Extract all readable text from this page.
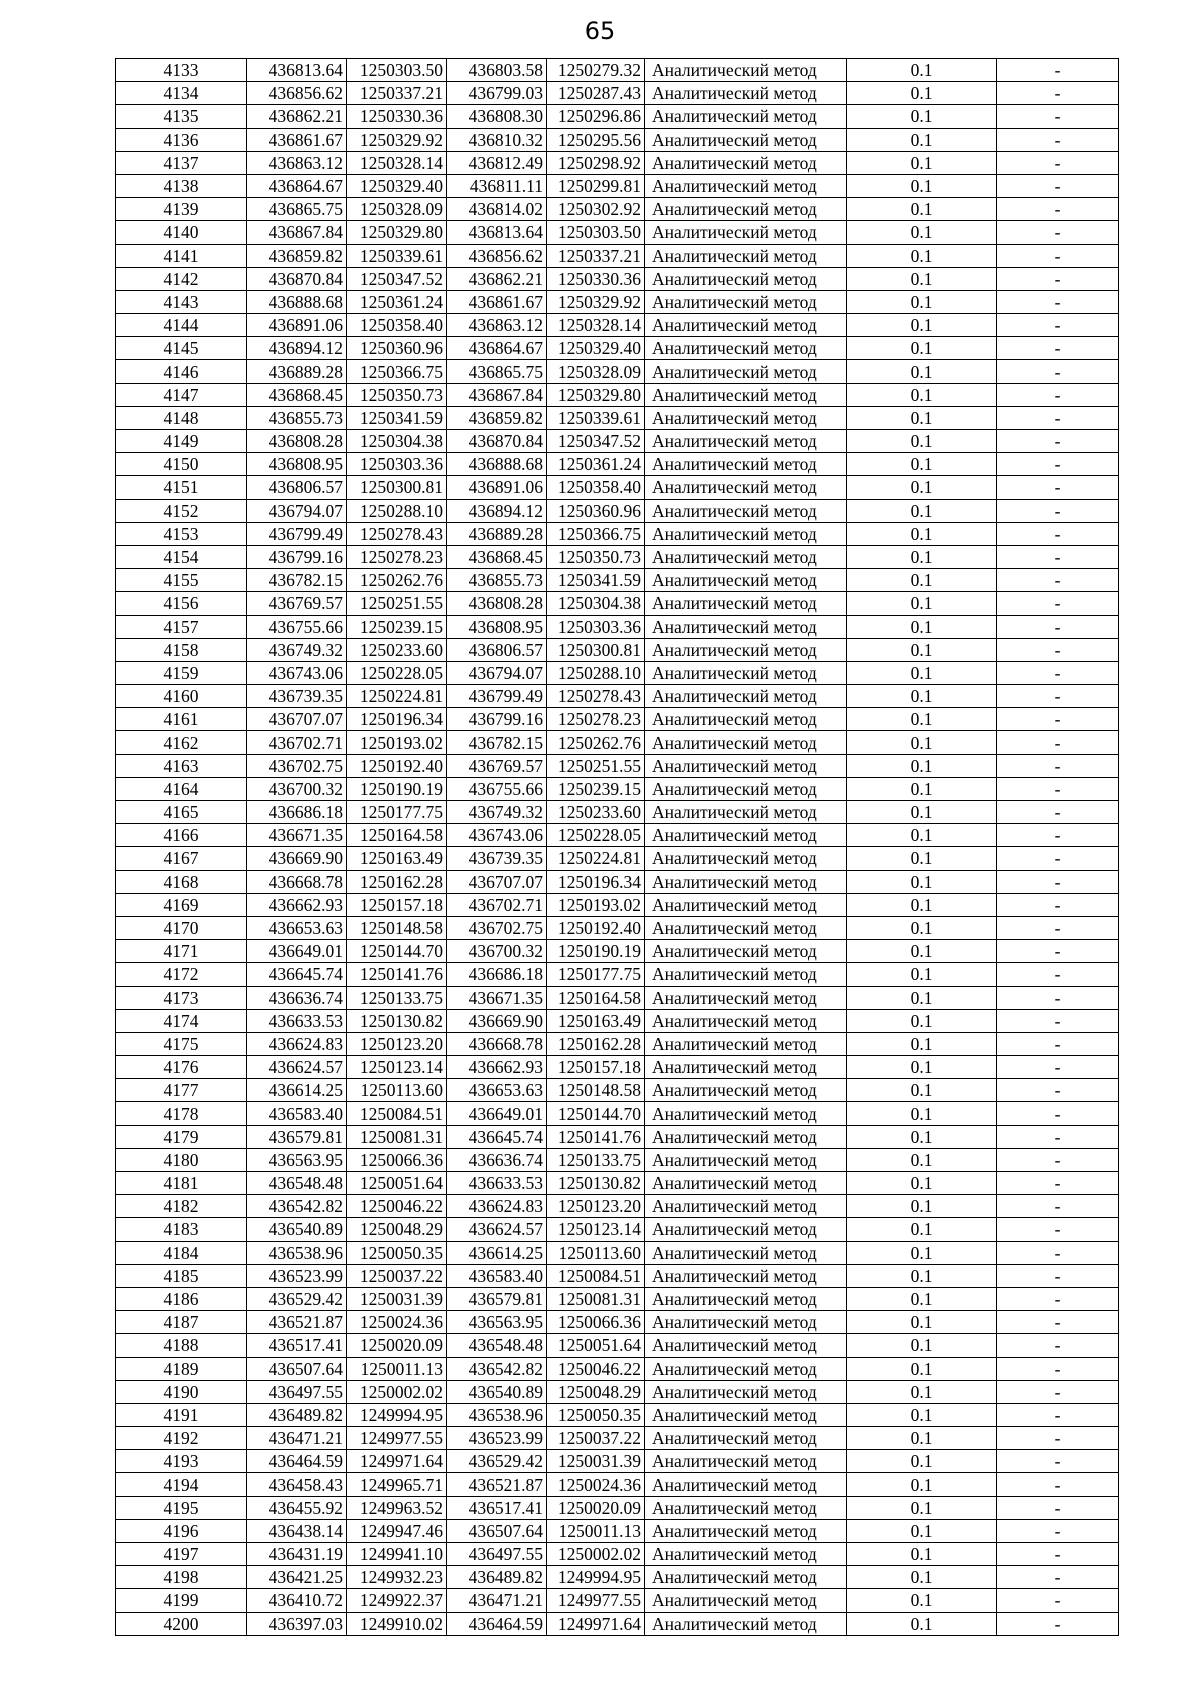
65
4133	436813.64	1250303.50	436803.58	1250279.32	Аналитический метод	0.1	-
4134	436856.62	1250337.21	436799.03	1250287.43	Аналитический метод	0.1	-
4135	436862.21	1250330.36	436808.30	1250296.86	Аналитический метод	0.1	-
4136	436861.67	1250329.92	436810.32	1250295.56	Аналитический метод	0.1	-
4137	436863.12	1250328.14	436812.49	1250298.92	Аналитический метод	0.1	-
4138	436864.67	1250329.40	436811.11	1250299.81	Аналитический метод	0.1	-
4139	436865.75	1250328.09	436814.02	1250302.92	Аналитический метод	0.1	-
4140	436867.84	1250329.80	436813.64	1250303.50	Аналитический метод	0.1	-
4141	436859.82	1250339.61	436856.62	1250337.21	Аналитический метод	0.1	-
4142	436870.84	1250347.52	436862.21	1250330.36	Аналитический метод	0.1	-
4143	436888.68	1250361.24	436861.67	1250329.92	Аналитический метод	0.1	-
4144	436891.06	1250358.40	436863.12	1250328.14	Аналитический метод	0.1	-
4145	436894.12	1250360.96	436864.67	1250329.40	Аналитический метод	0.1	-
4146	436889.28	1250366.75	436865.75	1250328.09	Аналитический метод	0.1	-
4147	436868.45	1250350.73	436867.84	1250329.80	Аналитический метод	0.1	-
4148	436855.73	1250341.59	436859.82	1250339.61	Аналитический метод	0.1	-
4149	436808.28	1250304.38	436870.84	1250347.52	Аналитический метод	0.1	-
4150	436808.95	1250303.36	436888.68	1250361.24	Аналитический метод	0.1	-
4151	436806.57	1250300.81	436891.06	1250358.40	Аналитический метод	0.1	-
4152	436794.07	1250288.10	436894.12	1250360.96	Аналитический метод	0.1	-
4153	436799.49	1250278.43	436889.28	1250366.75	Аналитический метод	0.1	-
4154	436799.16	1250278.23	436868.45	1250350.73	Аналитический метод	0.1	-
4155	436782.15	1250262.76	436855.73	1250341.59	Аналитический метод	0.1	-
4156	436769.57	1250251.55	436808.28	1250304.38	Аналитический метод	0.1	-
4157	436755.66	1250239.15	436808.95	1250303.36	Аналитический метод	0.1	-
4158	436749.32	1250233.60	436806.57	1250300.81	Аналитический метод	0.1	-
4159	436743.06	1250228.05	436794.07	1250288.10	Аналитический метод	0.1	-
4160	436739.35	1250224.81	436799.49	1250278.43	Аналитический метод	0.1	-
4161	436707.07	1250196.34	436799.16	1250278.23	Аналитический метод	0.1	-
4162	436702.71	1250193.02	436782.15	1250262.76	Аналитический метод	0.1	-
4163	436702.75	1250192.40	436769.57	1250251.55	Аналитический метод	0.1	-
4164	436700.32	1250190.19	436755.66	1250239.15	Аналитический метод	0.1	-
4165	436686.18	1250177.75	436749.32	1250233.60	Аналитический метод	0.1	-
4166	436671.35	1250164.58	436743.06	1250228.05	Аналитический метод	0.1	-
4167	436669.90	1250163.49	436739.35	1250224.81	Аналитический метод	0.1	-
4168	436668.78	1250162.28	436707.07	1250196.34	Аналитический метод	0.1	-
4169	436662.93	1250157.18	436702.71	1250193.02	Аналитический метод	0.1	-
4170	436653.63	1250148.58	436702.75	1250192.40	Аналитический метод	0.1	-
4171	436649.01	1250144.70	436700.32	1250190.19	Аналитический метод	0.1	-
4172	436645.74	1250141.76	436686.18	1250177.75	Аналитический метод	0.1	-
4173	436636.74	1250133.75	436671.35	1250164.58	Аналитический метод	0.1	-
4174	436633.53	1250130.82	436669.90	1250163.49	Аналитический метод	0.1	-
4175	436624.83	1250123.20	436668.78	1250162.28	Аналитический метод	0.1	-
4176	436624.57	1250123.14	436662.93	1250157.18	Аналитический метод	0.1	-
4177	436614.25	1250113.60	436653.63	1250148.58	Аналитический метод	0.1	-
4178	436583.40	1250084.51	436649.01	1250144.70	Аналитический метод	0.1	-
4179	436579.81	1250081.31	436645.74	1250141.76	Аналитический метод	0.1	-
4180	436563.95	1250066.36	436636.74	1250133.75	Аналитический метод	0.1	-
4181	436548.48	1250051.64	436633.53	1250130.82	Аналитический метод	0.1	-
4182	436542.82	1250046.22	436624.83	1250123.20	Аналитический метод	0.1	-
4183	436540.89	1250048.29	436624.57	1250123.14	Аналитический метод	0.1	-
4184	436538.96	1250050.35	436614.25	1250113.60	Аналитический метод	0.1	-
4185	436523.99	1250037.22	436583.40	1250084.51	Аналитический метод	0.1	-
4186	436529.42	1250031.39	436579.81	1250081.31	Аналитический метод	0.1	-
4187	436521.87	1250024.36	436563.95	1250066.36	Аналитический метод	0.1	-
4188	436517.41	1250020.09	436548.48	1250051.64	Аналитический метод	0.1	-
4189	436507.64	1250011.13	436542.82	1250046.22	Аналитический метод	0.1	-
4190	436497.55	1250002.02	436540.89	1250048.29	Аналитический метод	0.1	-
4191	436489.82	1249994.95	436538.96	1250050.35	Аналитический метод	0.1	-
4192	436471.21	1249977.55	436523.99	1250037.22	Аналитический метод	0.1	-
4193	436464.59	1249971.64	436529.42	1250031.39	Аналитический метод	0.1	-
4194	436458.43	1249965.71	436521.87	1250024.36	Аналитический метод	0.1	-
4195	436455.92	1249963.52	436517.41	1250020.09	Аналитический метод	0.1	-
4196	436438.14	1249947.46	436507.64	1250011.13	Аналитический метод	0.1	-
4197	436431.19	1249941.10	436497.55	1250002.02	Аналитический метод	0.1	-
4198	436421.25	1249932.23	436489.82	1249994.95	Аналитический метод	0.1	-
4199	436410.72	1249922.37	436471.21	1249977.55	Аналитический метод	0.1	-
4200	436397.03	1249910.02	436464.59	1249971.64	Аналитический метод	0.1	-
